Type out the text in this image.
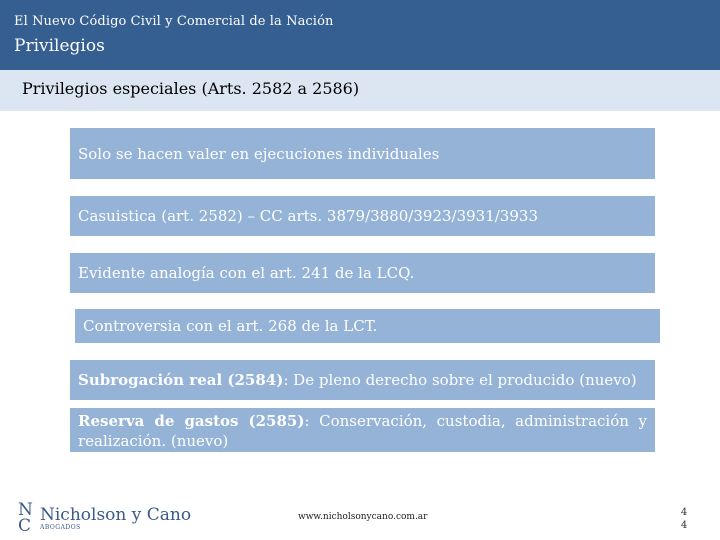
El Nuevo Código Civil y Comercial de la Nación
Privilegios
Privilegios especiales (Arts. 2582 a 2586)
Solo se hacen valer en ejecuciones individuales
Casuistica (art. 2582) – CC arts. 3879/3880/3923/3931/3933
Evidente analogía con el art. 241 de la LCQ.
Controversia con el art. 268 de la LCT.
Subrogación real (2584): De pleno derecho sobre el producido (nuevo)
Reserva de gastos (2585): Conservación, custodia, administración y realización. (nuevo)
N C
Nicholson y Cano
ABOGADOS
www.nicholsonycano.com.ar	4 4
